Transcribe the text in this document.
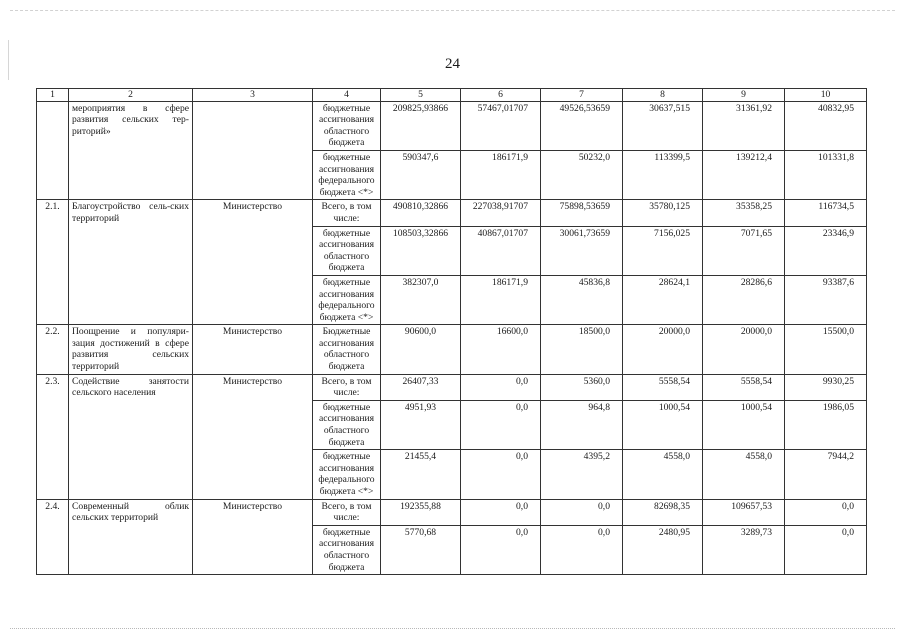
24
1	2	3	4	5	6	7	8	9	10
	мероприятия в сфере развития сельских тер-риторий»		бюджетные ассигнования областного бюджета	209825,93866	57467,01707	49526,53659	30637,515	31361,92	40832,95
			бюджетные ассигнования федерального бюджета <*>	590347,6	186171,9	50232,0	113399,5	139212,4	101331,8
2.1.	Благоустройство сель-ских территорий	Министерство	Всего, в том числе:	490810,32866	227038,91707	75898,53659	35780,125	35358,25	116734,5
			бюджетные ассигнования областного бюджета	108503,32866	40867,01707	30061,73659	7156,025	7071,65	23346,9
			бюджетные ассигнования федерального бюджета <*>	382307,0	186171,9	45836,8	28624,1	28286,6	93387,6
2.2.	Поощрение и популяри-зация достижений в сфере развития сельских территорий	Министерство	Бюджетные ассигнования областного бюджета	90600,0	16600,0	18500,0	20000,0	20000,0	15500,0
2.3.	Содействие занятости сельского населения	Министерство	Всего, в том числе:	26407,33	0,0	5360,0	5558,54	5558,54	9930,25
			бюджетные ассигнования областного бюджета	4951,93	0,0	964,8	1000,54	1000,54	1986,05
			бюджетные ассигнования федерального бюджета <*>	21455,4	0,0	4395,2	4558,0	4558,0	7944,2
2.4.	Современный облик сельских территорий	Министерство	Всего, в том числе:	192355,88	0,0	0,0	82698,35	109657,53	0,0
			бюджетные ассигнования областного бюджета	5770,68	0,0	0,0	2480,95	3289,73	0,0
